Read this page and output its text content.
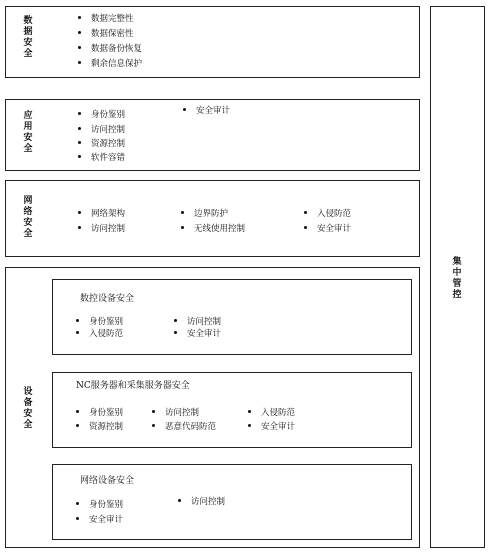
集
中
管
控
数
据
安
全
数据完整性
数据保密性
数据备份恢复
剩余信息保护
应
用
安
全
身份鉴别
访问控制
资源控制
软件容错
安全审计
网
络
安
全
网络架构
访问控制
边界防护
无线使用控制
入侵防范
安全审计
设
备
安
全
数控设备安全
身份鉴别
入侵防范
访问控制
安全审计
NC服务器和采集服务器安全
身份鉴别
资源控制
访问控制
恶意代码防范
入侵防范
安全审计
网络设备安全
身份鉴别
安全审计
访问控制
